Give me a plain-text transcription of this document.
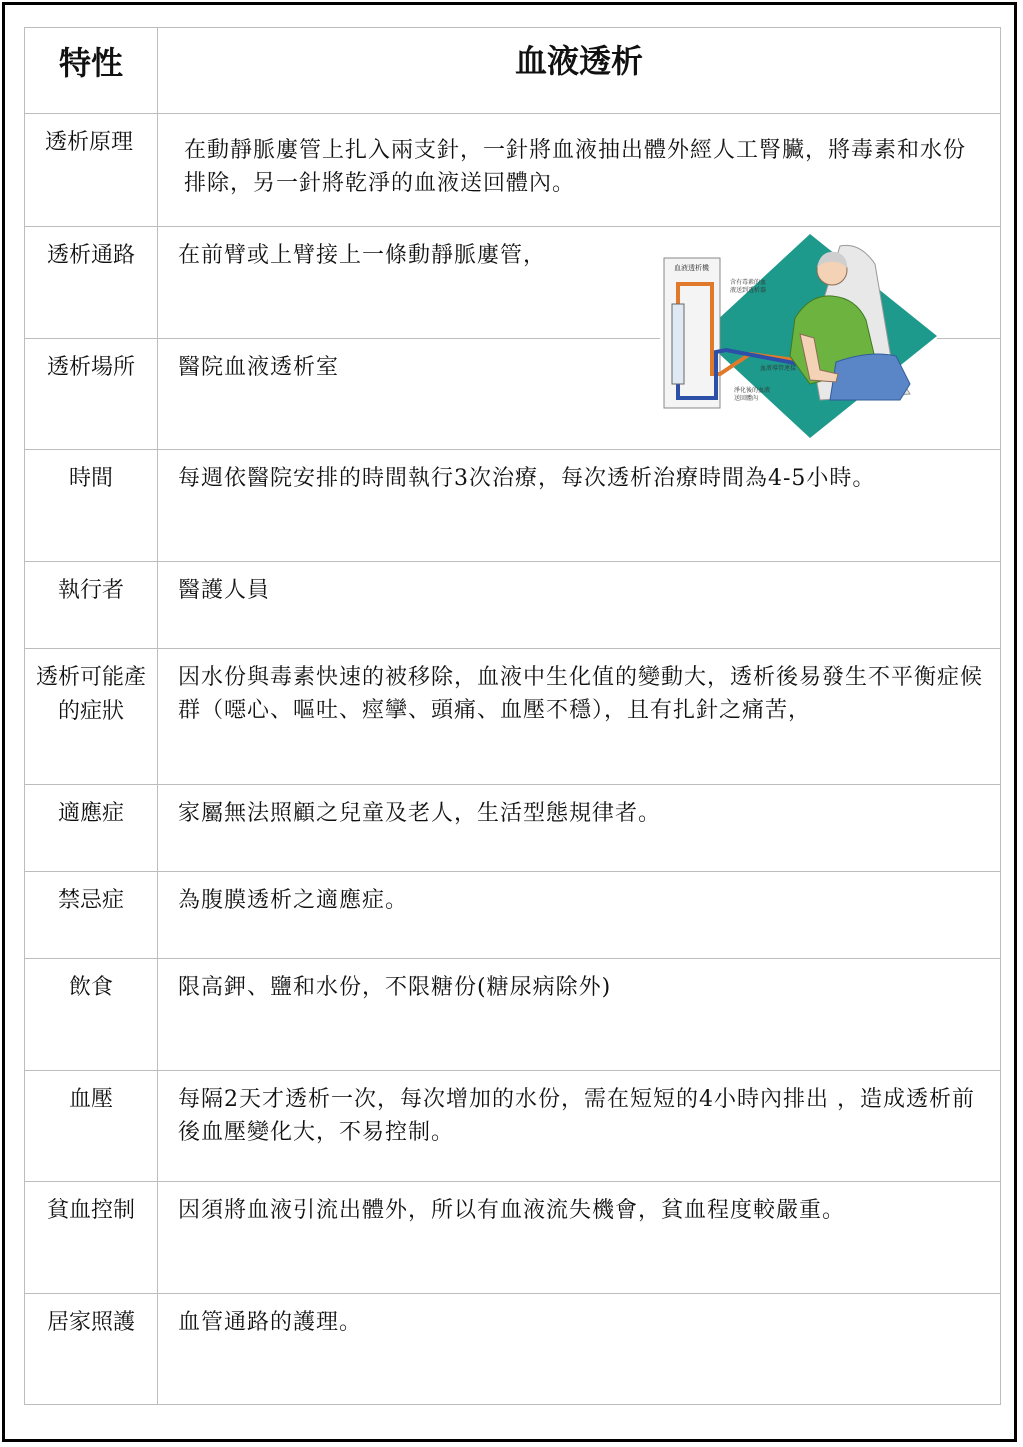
特性	血液透析
透析原理	在動靜脈廔管上扎入兩支針，一針將血液抽出體外經人工腎臟，將毒素和水份排除，另一針將乾淨的血液送回體內。
透析通路	在前臂或上臂接上一條動靜脈廔管，
透析場所	醫院血液透析室
時間	每週依醫院安排的時間執行3次治療，每次透析治療時間為4-5小時。
執行者	醫護人員
透析可能產的症狀	因水份與毒素快速的被移除，血液中生化值的變動大，透析後易發生不平衡症候群（噁心、嘔吐、痙攣、頭痛、血壓不穩），且有扎針之痛苦，
適應症	家屬無法照顧之兒童及老人，生活型態規律者。
禁忌症	為腹膜透析之適應症。
飲食	限高鉀、鹽和水份，不限糖份(糖尿病除外)
血壓	每隔2天才透析一次，每次增加的水份，需在短短的4小時內排出 ，造成透析前後血壓變化大，不易控制。
貧血控制	因須將血液引流出體外，所以有血液流失機會，貧血程度較嚴重。
居家照護	血管通路的護理。
血液透析機
含有毒素的血
液送到透析器
血液導管連接
淨化後的血液
送回體內
